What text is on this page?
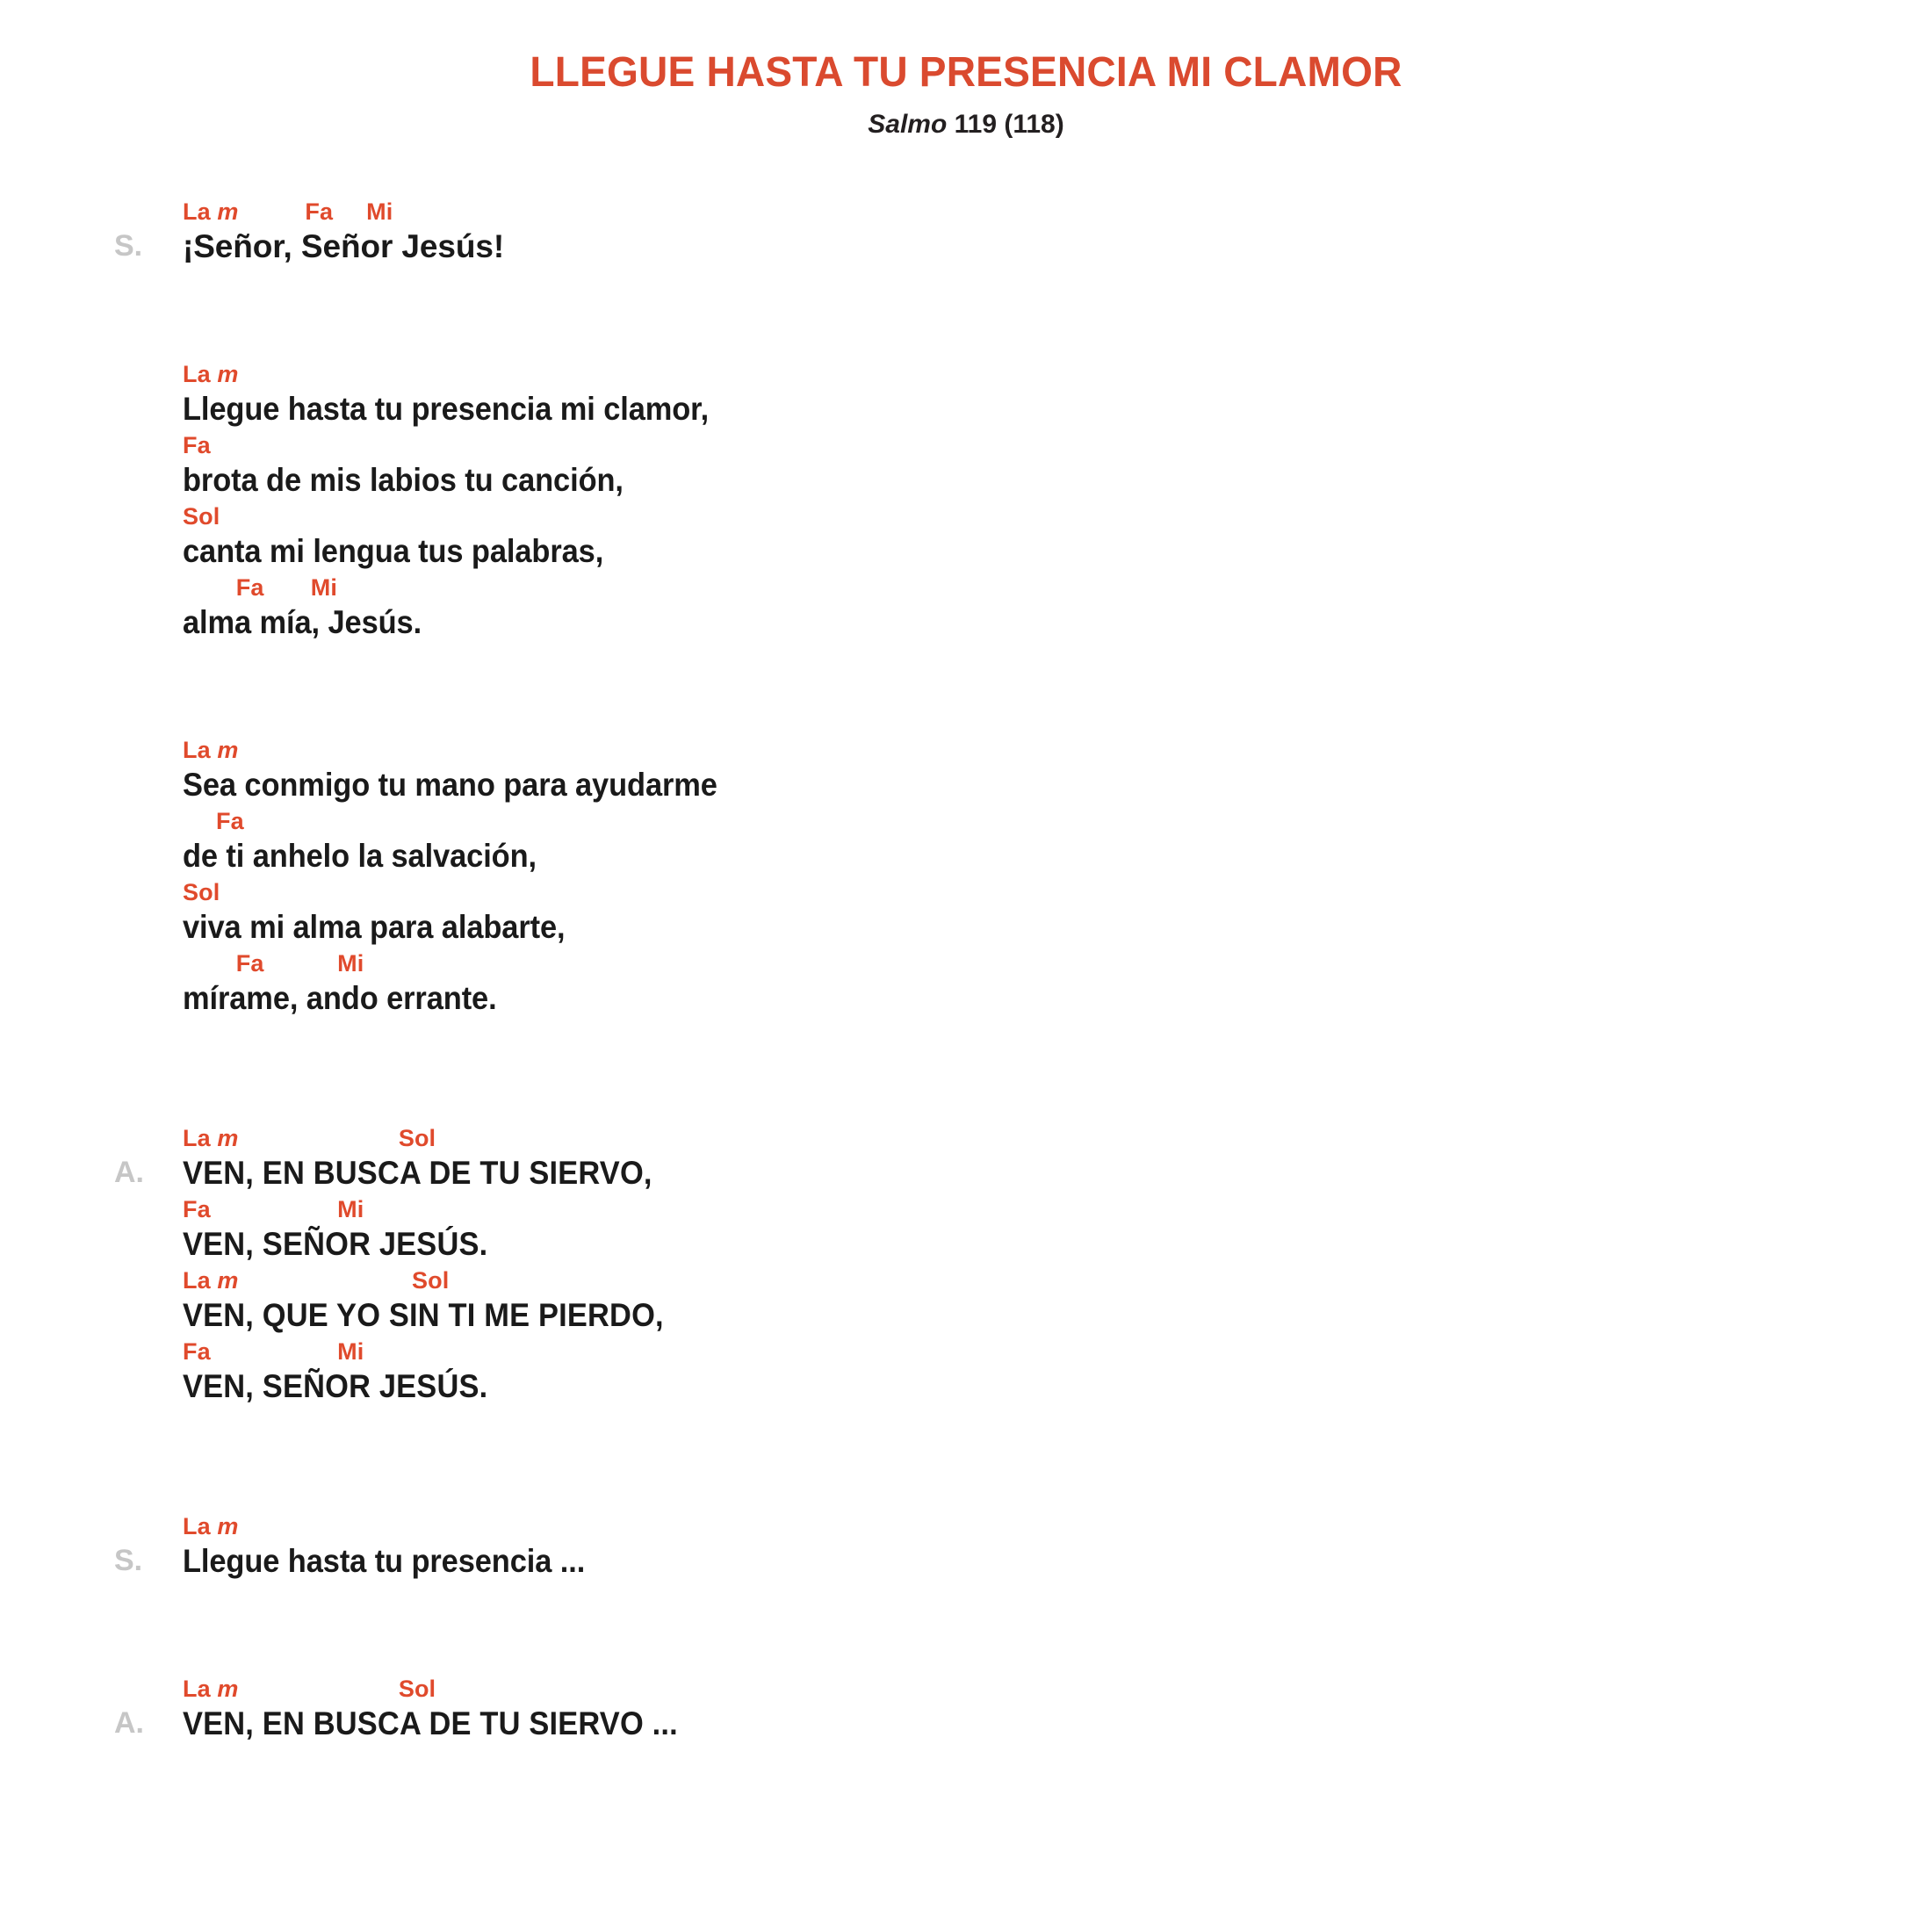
LLEGUE HASTA TU PRESENCIA MI CLAMOR
Salmo 119 (118)
S.
La m          Fa     Mi
¡Señor, Señor Jesús!
La m
Llegue hasta tu presencia mi clamor,
Fa
brota de mis labios tu canción,
Sol
canta mi lengua tus palabras,
Fa       Mi
alma mía, Jesús.
La m
Sea conmigo tu mano para ayudarme
Fa
de ti anhelo la salvación,
Sol
viva mi alma para alabarte,
Fa           Mi
mírame, ando errante.
A.
La m                        Sol
VEN, EN BUSCA DE TU SIERVO,
Fa                   Mi
VEN, SEÑOR JESÚS.
La m                          Sol
VEN, QUE YO SIN TI ME PIERDO,
Fa                   Mi
VEN, SEÑOR JESÚS.
S.
La m
Llegue hasta tu presencia ...
A.
La m                        Sol
VEN, EN BUSCA DE TU SIERVO ...
